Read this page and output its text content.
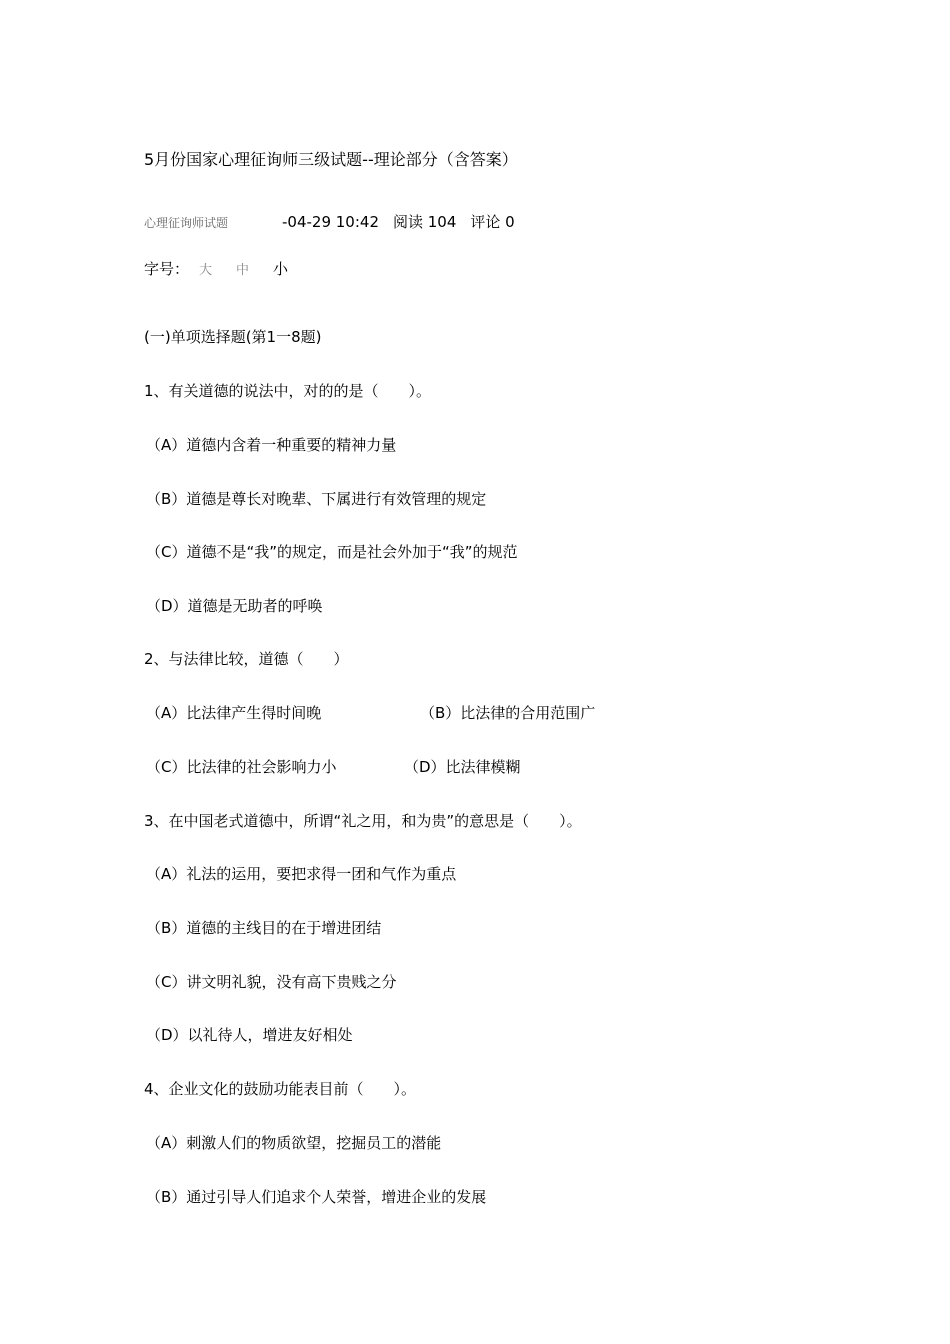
5月份国家心理征询师三级试题--理论部分（含答案）
心理征询师试题	-04-29 10:42 阅读 104 评论 0
字号： 大 中 小
(一)单项选择题(第1一8题)
1、有关道德的说法中，对的的是（　　）。
（A）道德内含着一种重要的精神力量
（B）道德是尊长对晚辈、下属进行有效管理的规定
（C）道德不是“我”的规定，而是社会外加于“我”的规范
（D）道德是无助者的呼唤
2、与法律比较，道德（　　）
（A）比法律产生得时间晚	（B）比法律的合用范围广
（C）比法律的社会影响力小	（D）比法律模糊
3、在中国老式道德中，所谓“礼之用，和为贵”的意思是（　　）。
（A）礼法的运用，要把求得一团和气作为重点
（B）道德的主线目的在于增进团结
（C）讲文明礼貌，没有高下贵贱之分
（D）以礼待人，增进友好相处
4、企业文化的鼓励功能表目前（　　）。
（A）刺激人们的物质欲望，挖掘员工的潜能
（B）通过引导人们追求个人荣誉，增进企业的发展
